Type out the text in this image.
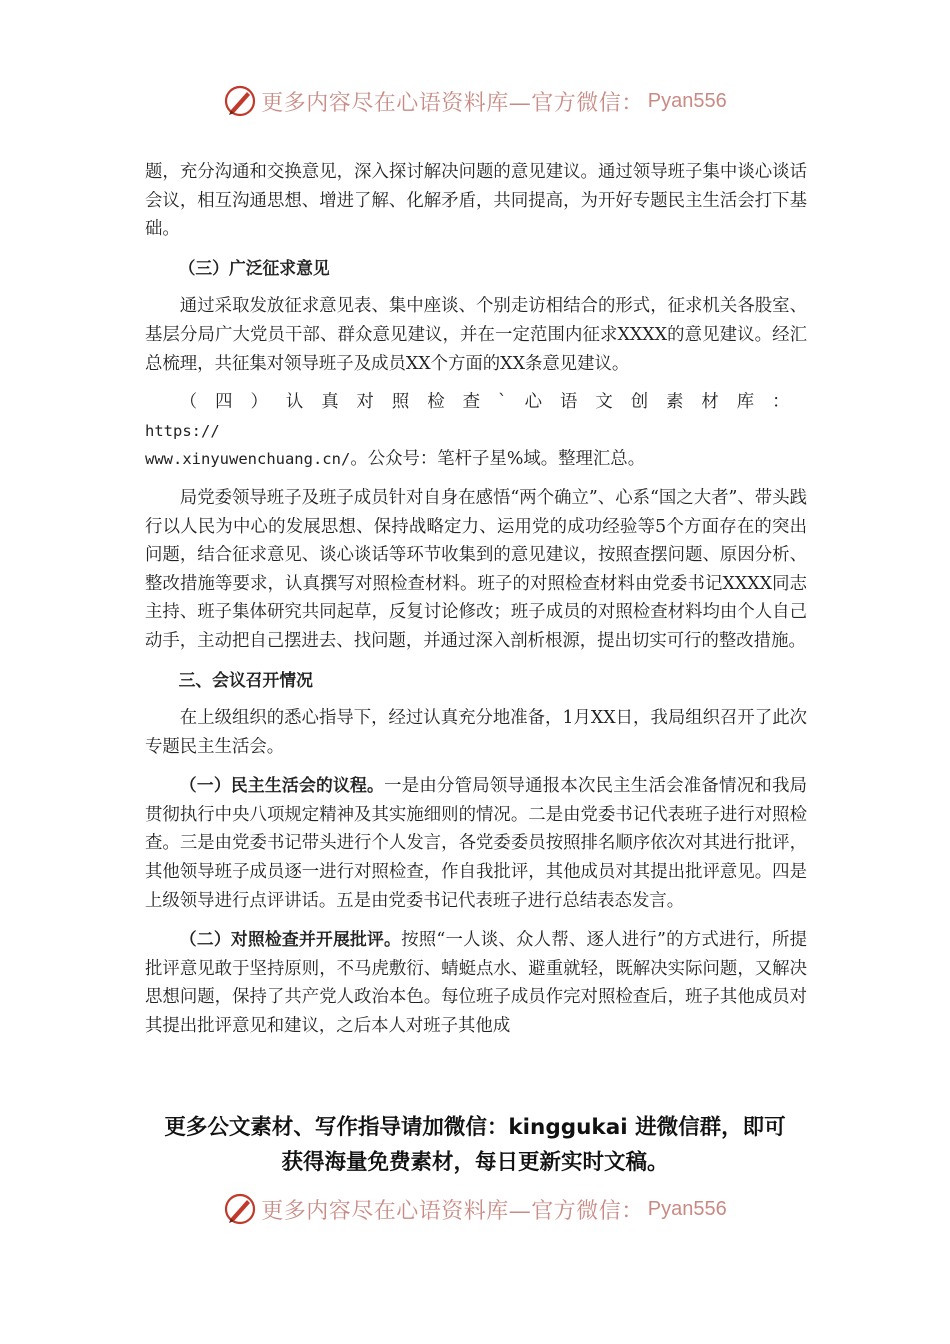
更多内容尽在心语资料库—官方微信： Pyan556

题，充分沟通和交换意见，深入探讨解决问题的意见建议。通过领导班子集中谈心谈话会议，相互沟通思想、增进了解、化解矛盾，共同提高，为开好专题民主生活会打下基础。

（三）广泛征求意见

通过采取发放征求意见表、集中座谈、个别走访相结合的形式，征求机关各股室、基层分局广大党员干部、群众意见建议，并在一定范围内征求XXXX的意见建议。经汇总梳理，共征集对领导班子及成员XX个方面的XX条意见建议。

（四）认真对照检查`心语文创素材库：https://
www.xinyuwenchuang.cn/。公众号：笔杆子星%域。整理汇总。

局党委领导班子及班子成员针对自身在感悟“两个确立”、心系“国之大者”、带头践行以人民为中心的发展思想、保持战略定力、运用党的成功经验等5个方面存在的突出问题，结合征求意见、谈心谈话等环节收集到的意见建议，按照查摆问题、原因分析、整改措施等要求，认真撰写对照检查材料。班子的对照检查材料由党委书记XXXX同志主持、班子集体研究共同起草，反复讨论修改；班子成员的对照检查材料均由个人自己动手，主动把自己摆进去、找问题，并通过深入剖析根源，提出切实可行的整改措施。

三、会议召开情况

在上级组织的悉心指导下，经过认真充分地准备，1月XX日，我局组织召开了此次专题民主生活会。

（一）民主生活会的议程。一是由分管局领导通报本次民主生活会准备情况和我局贯彻执行中央八项规定精神及其实施细则的情况。二是由党委书记代表班子进行对照检查。三是由党委书记带头进行个人发言，各党委委员按照排名顺序依次对其进行批评，其他领导班子成员逐一进行对照检查，作自我批评，其他成员对其提出批评意见。四是上级领导进行点评讲话。五是由党委书记代表班子进行总结表态发言。

（二）对照检查并开展批评。按照“一人谈、众人帮、逐人进行”的方式进行，所提批评意见敢于坚持原则，不马虎敷衍、蜻蜓点水、避重就轻，既解决实际问题，又解决思想问题，保持了共产党人政治本色。每位班子成员作完对照检查后，班子其他成员对其提出批评意见和建议，之后本人对班子其他成

更多公文素材、写作指导请加微信：kinggukai 进微信群，即可
获得海量免费素材，每日更新实时文稿。
更多内容尽在心语资料库—官方微信： Pyan556
